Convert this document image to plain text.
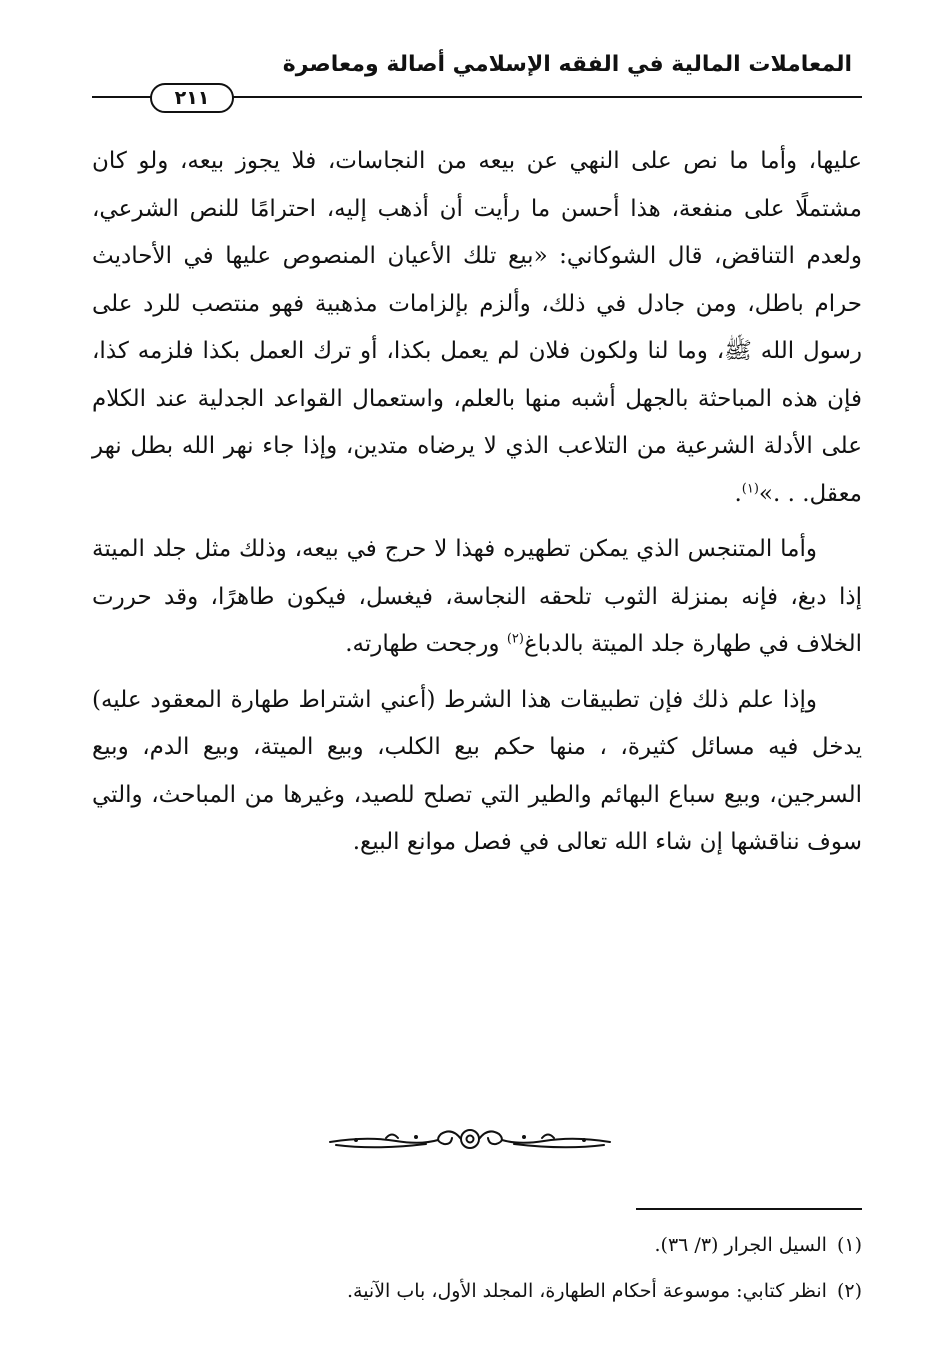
المعاملات المالية في الفقه الإسلامي أصالة ومعاصرة
٢١١

عليها، وأما ما نص على النهي عن بيعه من النجاسات، فلا يجوز بيعه، ولو كان مشتملًا على منفعة، هذا أحسن ما رأيت أن أذهب إليه، احترامًا للنص الشرعي، ولعدم التناقض، قال الشوكاني: «بيع تلك الأعيان المنصوص عليها في الأحاديث حرام باطل، ومن جادل في ذلك، وألزم بإلزامات مذهبية فهو منتصب للرد على رسول الله ﷺ، وما لنا ولكون فلان لم يعمل بكذا، أو ترك العمل بكذا فلزمه كذا، فإن هذه المباحثة بالجهل أشبه منها بالعلم، واستعمال القواعد الجدلية عند الكلام على الأدلة الشرعية من التلاعب الذي لا يرضاه متدين، وإذا جاء نهر الله بطل نهر معقل. . .»$^{(١)}$.

وأما المتنجس الذي يمكن تطهيره فهذا لا حرج في بيعه، وذلك مثل جلد الميتة إذا دبغ، فإنه بمنزلة الثوب تلحقه النجاسة، فيغسل، فيكون طاهرًا، وقد حررت الخلاف في طهارة جلد الميتة بالدباغ$^{(٢)}$ ورجحت طهارته.

وإذا علم ذلك فإن تطبيقات هذا الشرط (أعني اشتراط طهارة المعقود عليه) يدخل فيه مسائل كثيرة، ، منها حكم بيع الكلب، وبيع الميتة، وبيع الدم، وبيع السرجين، وبيع سباع البهائم والطير التي تصلح للصيد، وغيرها من المباحث، والتي سوف نناقشها إن شاء الله تعالى في فصل موانع البيع.

(١)السيل الجرار (٣/ ٣٦).

(٢)انظر كتابي: موسوعة أحكام الطهارة، المجلد الأول، باب الآنية.
